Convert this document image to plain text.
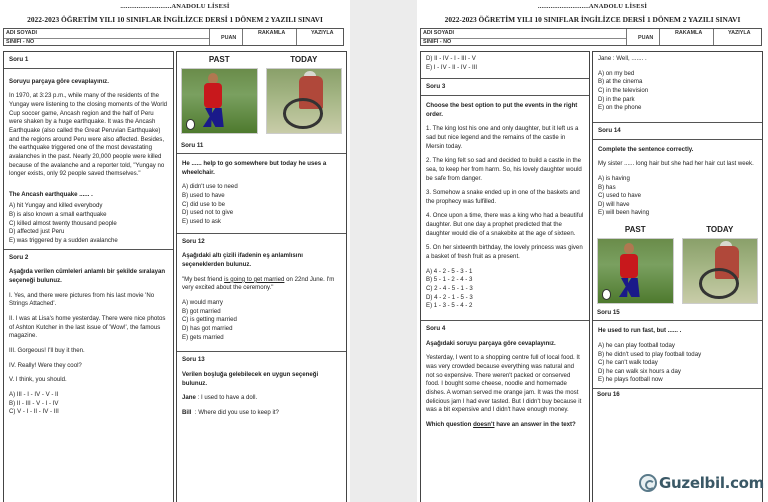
............................ANADOLU LİSESİ
2022-2023 ÖĞRETİM YILI 10 SINIFLAR İNGİLİZCE DERSİ 1 DÖNEM 2 YAZILI SINAVI
ADI SOYADI
SINIFI - NO
PUAN
RAKAMLA	YAZIYLA
Soru 1

Soruyu parçaya göre cevaplayınız.

In 1970, at 3:23 p.m., while many of the residents of the Yungay were listening to the closing moments of the World Cup soccer game, Ancash region and the half of Peru were shaken by a huge earthquake. It was the Ancash Earthquake (also called the Great Peruvian Earthquake) and the regions around Peru were also affected. Besides, the earthquake triggered one of the most devastating avalanches in the past. Nearly 20,000 people were killed because of the avalanche and a reporter told, "Yungay no longer exists, only 92 people saved themselves."

The Ancash earthquake ...... .

A) hit Yungay and killed everybody

B) is also known a small earthquake

C) killed almost twenty thousand people

D) affected just Peru

E) was triggered by a sudden avalanche

Soru 2

Aşağıda verilen cümleleri anlamlı bir şekilde sıralayan seçeneği bulunuz.

I. Yes, and there were pictures from his last movie 'No Strings Attached'.

II. I was at Lisa's home yesterday. There were nice photos of Ashton Kutcher in the last issue of 'Wow!', the famous magazine.

III. Gorgeous! I'll buy it then.

IV. Really! Were they cool?

V. I think, you should.

A) III - I - IV - V - II

B) II - III - V - I - IV

C) V - I - II - IV - III

PAST	TODAY
Soru 11

He ...... help to go somewhere but today he uses a wheelchair.

A) didn't use to need

B) used to have

C) did use to be

D) used not to give

E) used to ask

Soru 12

Aşağıdaki altı çizili ifadenin eş anlamlısını seçeneklerden bulunuz.

"My best friend is going to get married on 22nd June. I'm very excited about the ceremony."

A) would marry

B) got married

C) is getting married

D) has got married

E) gets married

Soru 13

Verilen boşluğa gelebilecek en uygun seçeneği bulunuz.

Jane : I used to have a doll.

Bill : Where did you use to keep it?

............................ANADOLU LİSESİ
2022-2023 ÖĞRETİM YILI 10 SINIFLAR İNGİLİZCE DERSİ 1 DÖNEM 2 YAZILI SINAVI
ADI SOYADI
SINIFI - NO
PUAN
RAKAMLA	YAZIYLA

D) II - IV - I - III - V

E) I - IV - II - IV - III

Soru 3

Choose the best option to put the events in the right order.

1. The king lost his one and only daughter, but it left us a sad but nice legend and the remains of the castle in Mersin today.

2. The king felt so sad and decided to build a castle in the sea, to keep her from harm. So, his lovely daughter would be safe from danger.

3. Somehow a snake ended up in one of the baskets and the prophecy was fulfilled.

4. Once upon a time, there was a king who had a beautiful daughter. But one day a prophet predicted that the daughter would die of a snakebite at the age of sixteen.

5. On her sixteenth birthday, the lovely princess was given a basket of fresh fruit as a present.

A) 4 - 2 - 5 - 3 - 1

B) 5 - 1 - 2 - 4 - 3

C) 2 - 4 - 5 - 1 - 3

D) 4 - 2 - 1 - 5 - 3

E) 1 - 3 - 5 - 4 - 2

Soru 4

Aşağıdaki soruyu parçaya göre cevaplayınız.

Yesterday, I went to a shopping centre full of local food. It was very crowded because everything was natural and not so expensive. There weren't packed or conserved food. I bought some cheese, noodle and homemade dishes. A woman served me orange jam. It was the most delicious jam I had ever tasted. But I didn't buy because it was a bit expensive and I didn't have enough money.

Which question doesn't have an answer in the text?

Jane : Well, ....... .

A) on my bed

B) at the cinema

C) in the television

D) in the park

E) on the phone

Soru 14

Complete the sentence correctly.

My sister ...... long hair but she had her hair cut last week.

A) is having

B) has

C) used to have

D) will have

E) will been having

PAST	TODAY
Soru 15

He used to run fast, but ...... .

A) he can play football today

B) he didn't used to play football today

C) he can't walk today

D) he can walk six hours a day

E) he plays football now

Soru 16
Guzelbil.com
